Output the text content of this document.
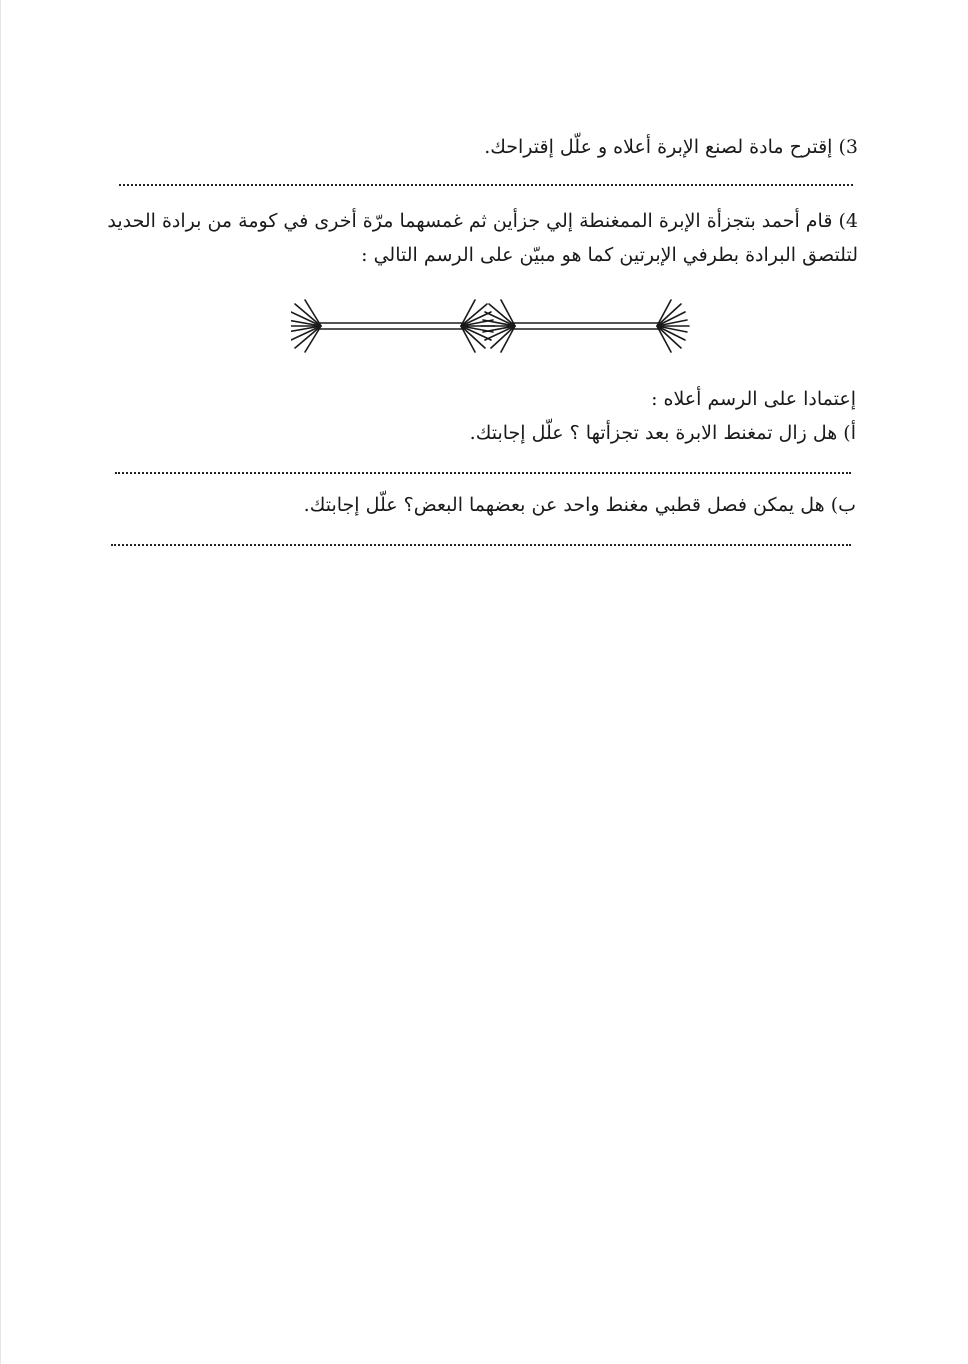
3) إقترح مادة لصنع الإبرة أعلاه و علّل إقتراحك.
4) قام أحمد بتجزأة الإبرة الممغنطة إلي جزأين ثم غمسهما مرّة أخرى في كومة من برادة الحديد
لتلتصق البرادة بطرفي الإبرتين كما هو مبيّن على الرسم التالي :
إعتمادا على الرسم أعلاه :
أ) هل زال تمغنط الابرة بعد تجزأتها ؟ علّل إجابتك.
ب) هل يمكن فصل قطبي مغنط واحد عن بعضهما البعض؟ علّل إجابتك.
